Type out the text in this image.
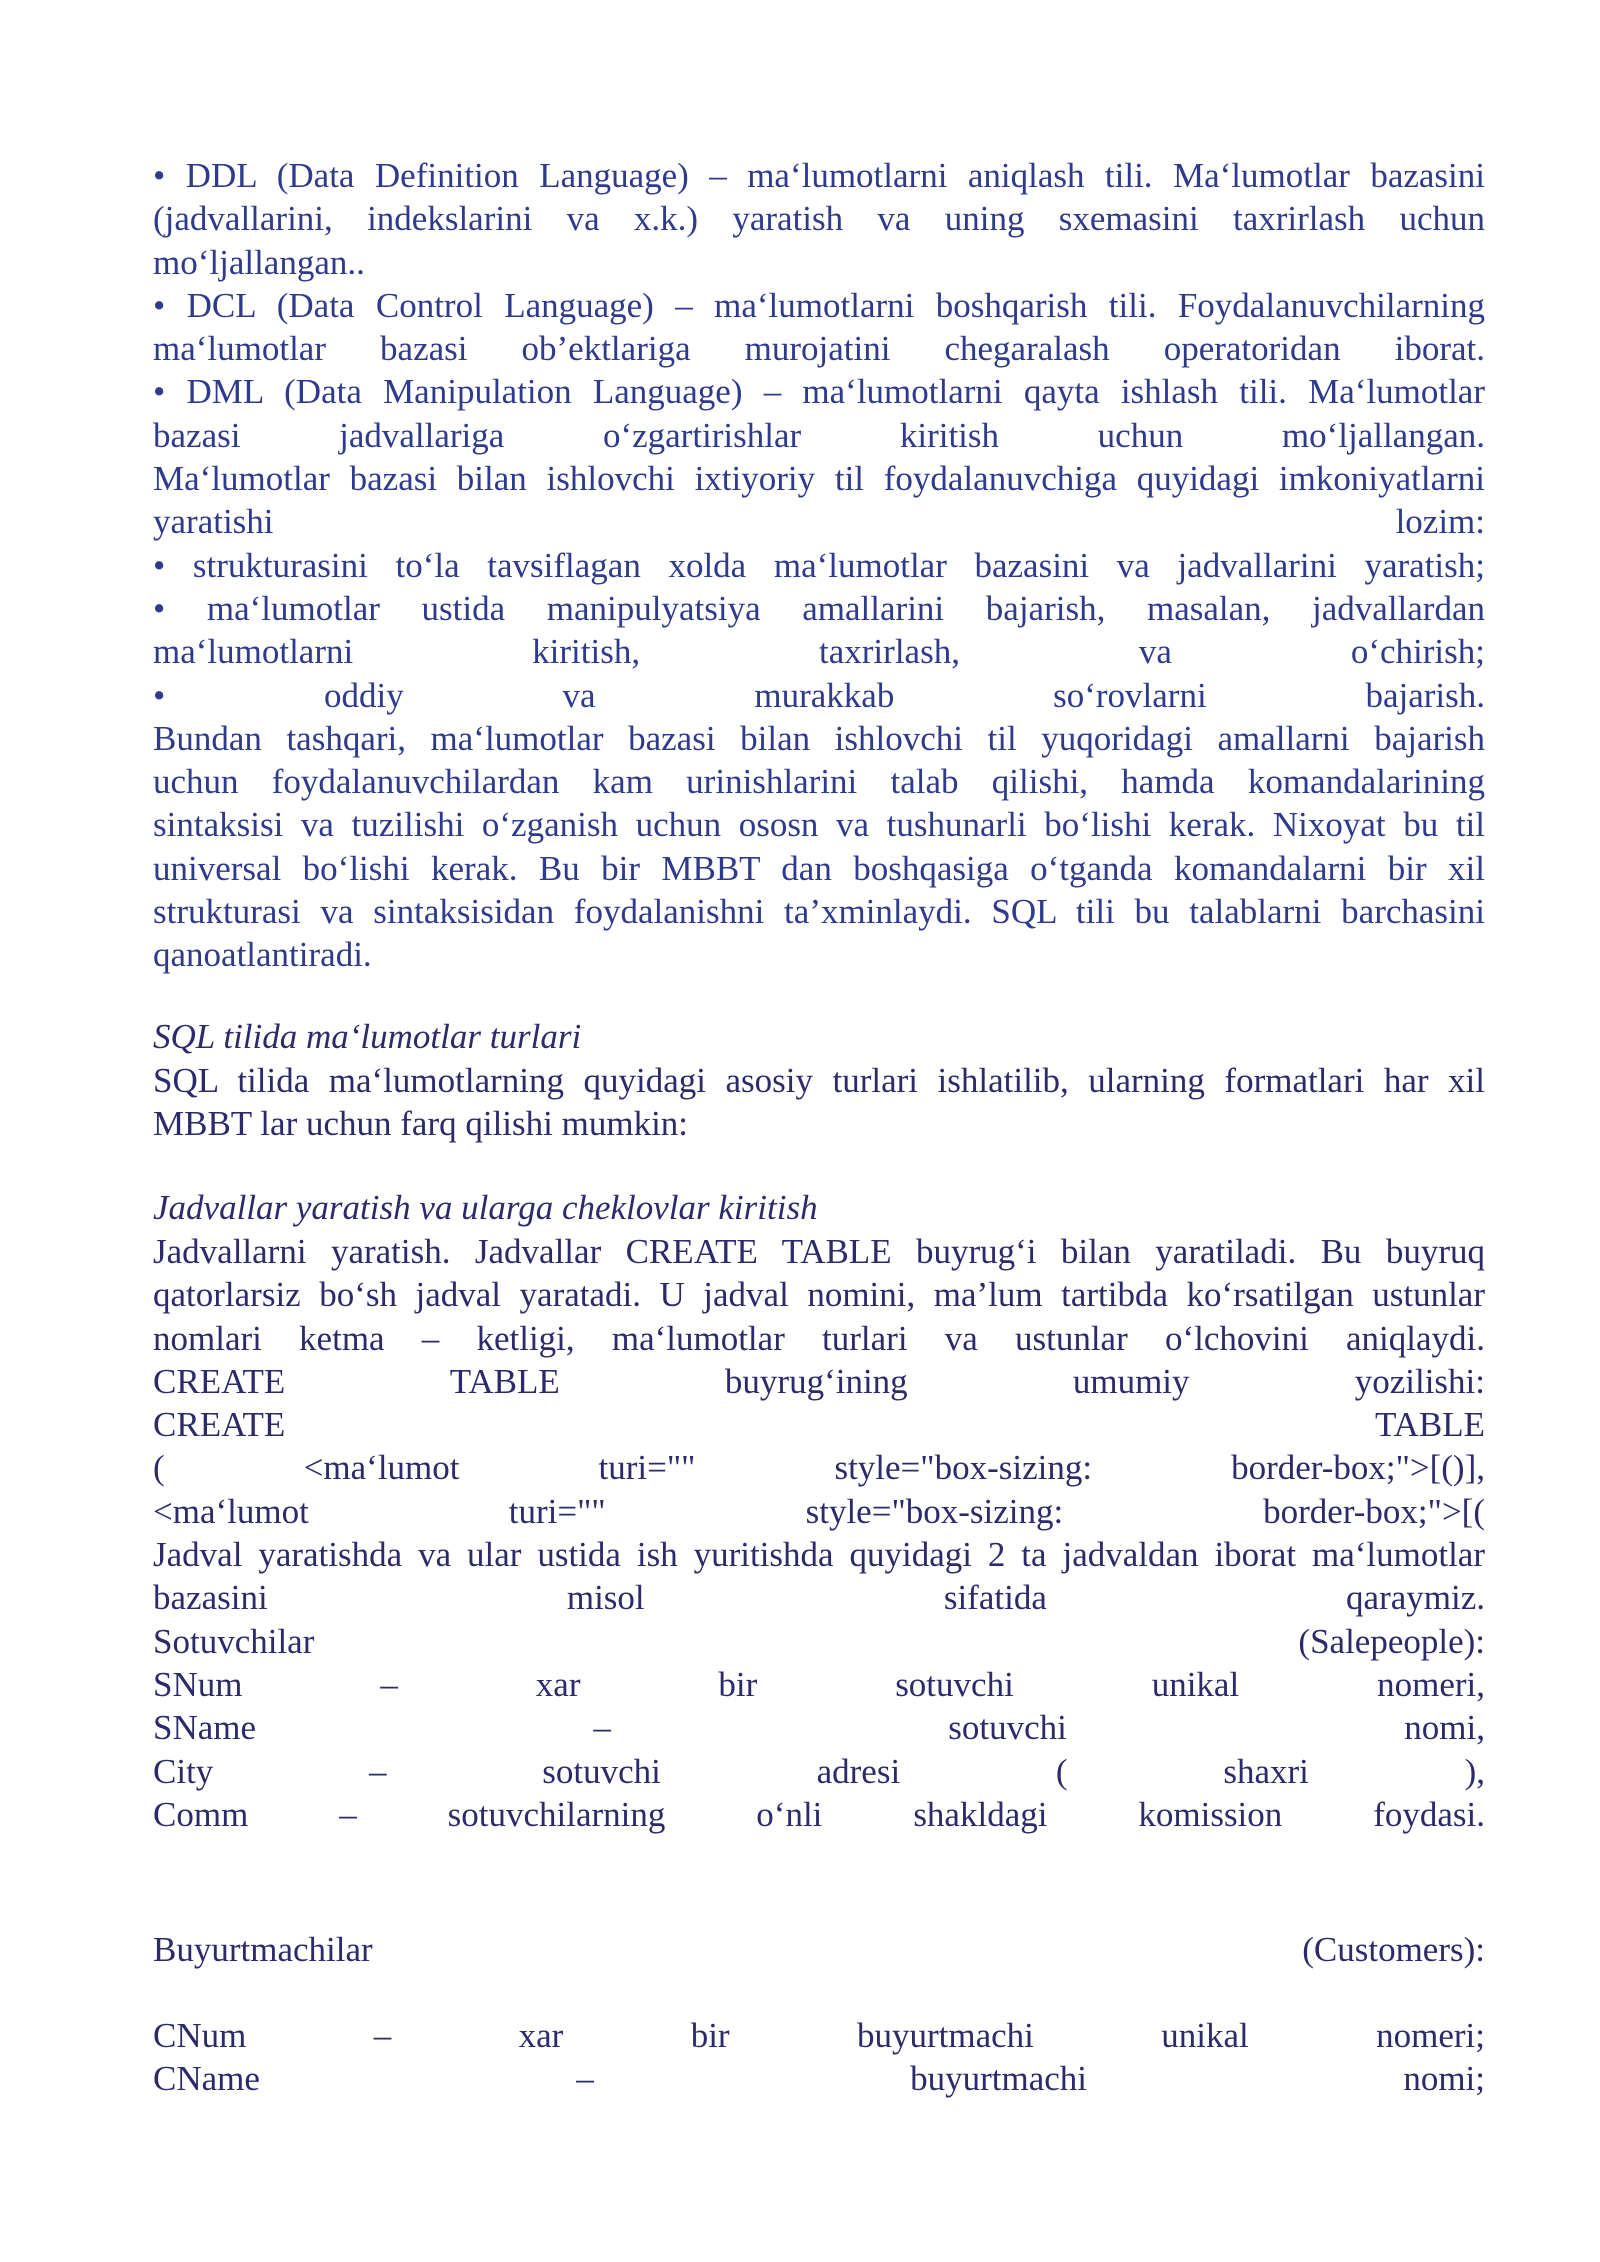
• DDL (Data Definition Language) – ma‘lumotlarni aniqlash tili. Ma‘lumotlar bazasini
(jadvallarini, indekslarini va x.k.) yaratish va uning sxemasini taxrirlash uchun
mo‘ljallangan..
• DCL (Data Control Language) – ma‘lumotlarni boshqarish tili. Foydalanuvchilarning
ma‘lumotlar bazasi ob’ektlariga murojatini chegaralash operatoridan iborat.
• DML (Data Manipulation Language) – ma‘lumotlarni qayta ishlash tili. Ma‘lumotlar
bazasi jadvallariga o‘zgartirishlar kiritish uchun mo‘ljallangan.
Ma‘lumotlar bazasi bilan ishlovchi ixtiyoriy til foydalanuvchiga quyidagi imkoniyatlarni
yaratishi lozim:
• strukturasini to‘la tavsiflagan xolda ma‘lumotlar bazasini va jadvallarini yaratish;
• ma‘lumotlar ustida manipulyatsiya amallarini bajarish, masalan, jadvallardan
ma‘lumotlarni kiritish, taxrirlash, va o‘chirish;
• oddiy va murakkab so‘rovlarni bajarish.
Bundan tashqari, ma‘lumotlar bazasi bilan ishlovchi til yuqoridagi amallarni bajarish
uchun foydalanuvchilardan kam urinishlarini talab qilishi, hamda komandalarining
sintaksisi va tuzilishi o‘zganish uchun ososn va tushunarli bo‘lishi kerak. Nixoyat bu til
universal bo‘lishi kerak. Bu bir MBBT dan boshqasiga o‘tganda komandalarni bir xil
strukturasi va sintaksisidan foydalanishni ta’xminlaydi. SQL tili bu talablarni barchasini
qanoatlantiradi.
SQL tilida ma‘lumotlar turlari
SQL tilida ma‘lumotlarning quyidagi asosiy turlari ishlatilib, ularning formatlari har xil
MBBT lar uchun farq qilishi mumkin:
Jadvallar yaratish va ularga cheklovlar kiritish
Jadvallarni yaratish. Jadvallar CREATE TABLE buyrug‘i bilan yaratiladi. Bu buyruq
qatorlarsiz bo‘sh jadval yaratadi. U jadval nomini, ma’lum tartibda ko‘rsatilgan ustunlar
nomlari ketma – ketligi, ma‘lumotlar turlari va ustunlar o‘lchovini aniqlaydi.
CREATE TABLE buyrug‘ining umumiy yozilishi:
CREATE TABLE
( <ma‘lumot turi="" style="box-sizing: border-box;">[()],
<ma‘lumot turi="" style="box-sizing: border-box;">[(
Jadval yaratishda va ular ustida ish yuritishda quyidagi 2 ta jadvaldan iborat ma‘lumotlar
bazasini misol sifatida qaraymiz.
Sotuvchilar (Salepeople):
SNum – xar bir sotuvchi unikal nomeri,
SName – sotuvchi nomi,
City – sotuvchi adresi ( shaxri ),
Comm – sotuvchilarning o‘nli shakldagi komission foydasi.
Buyurtmachilar (Customers):
CNum – xar bir buyurtmachi unikal nomeri;
CName – buyurtmachi nomi;
